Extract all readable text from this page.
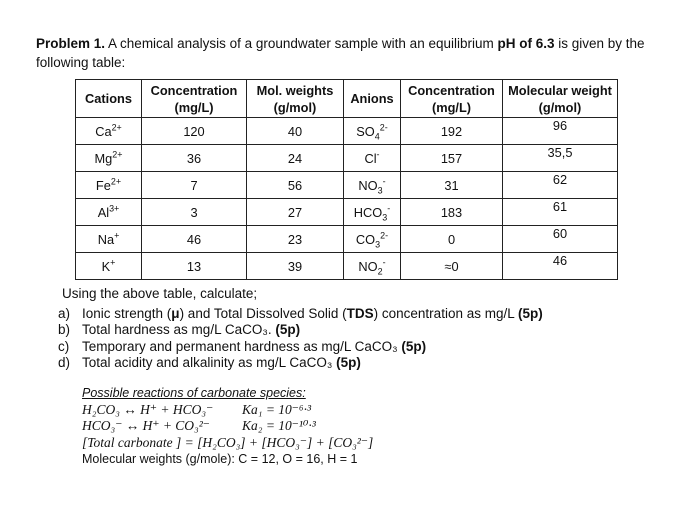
Problem 1. A chemical analysis of a groundwater sample with an equilibrium pH of 6.3 is given by the following table:
Cations	Concentration (mg/L)	Mol. weights (g/mol)	Anions	Concentration (mg/L)	Molecular weight (g/mol)
$Ca^{2+}$	120	40	$SO_4^{2-}$	192	96
$Mg^{2+}$	36	24	Cl-	157	35,5
$Fe^{2+}$	7	56	$NO_3^-$	31	62
$Al^{3+}$	3	27	$HCO_3^-$	183	61
Na+	46	23	$CO_3^{2-}$	0	60
K+	13	39	$NO_2^-$	≈0	46
Using the above table, calculate;
a) Ionic strength (μ) and Total Dissolved Solid (TDS) concentration as mg/L (5p)
b) Total hardness as mg/L CaCO₃. (5p)
c) Temporary and permanent hardness as mg/L CaCO₃ (5p)
d) Total acidity and alkalinity as mg/L CaCO₃ (5p)
Possible reactions of carbonate species:
H₂CO₃ ↔ H⁺ + HCO₃⁻	Ka₁ = 10⁻⁶·³
HCO₃⁻ ↔ H⁺ + CO₃²⁻	Ka₂ = 10⁻¹⁰·³
[Total carbonate ] = [H₂CO₃] + [HCO₃⁻] + [CO₃²⁻]
Molecular weights (g/mole): C = 12, O = 16, H = 1
